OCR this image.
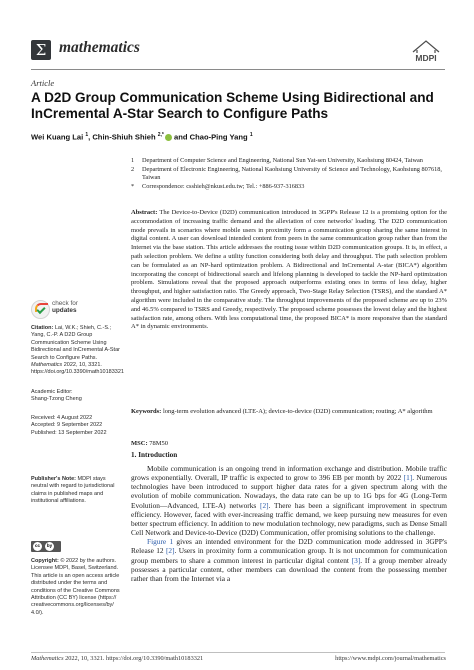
Σ mathematics
MDPI
Article
A D2D Group Communication Scheme Using Bidirectional and InCremental A-Star Search to Configure Paths
Wei Kuang Lai $^1$, Chin-Shiuh Shieh $^{2,*}$ and Chao-Ping Yang $^1$
1 Department of Computer Science and Engineering, National Sun Yat-sen University, Kaohsiung 80424, Taiwan
2 Department of Electronic Engineering, National Kaohsiung University of Science and Technology, Kaohsiung 807618, Taiwan
* Correspondence: csshieh@nkust.edu.tw; Tel.: +886-937-316833
Abstract: The Device-to-Device (D2D) communication introduced in 3GPP's Release 12 is a promising option for the accommodation of increasing traffic demand and the alleviation of core networks' loading. The D2D communication mode prevails in scenarios where mobile users in proximity form a communication group sharing the same interest in digital content. A user can download intended content from peers in the same communication group rather than from the Internet via the base station. This article addresses the routing issue within D2D communication groups. It is, in effect, a path selection problem. We define a utility function considering both delay and throughput. The path selection problem can be formulated as an NP-hard optimization problem. A Bidirectional and InCremental A-star (BICA*) algorithm incorporating the concept of bidirectional search and lifelong planning is developed to tackle the NP-hard optimization problem. Simulations reveal that the proposed approach outperforms existing ones in terms of less delay, higher throughput, and higher satisfaction ratio. The Greedy approach, Two-Stage Relay Selection (TSRS), and the standard A* algorithm were included in the comparative study. The throughput improvements of the proposed scheme are up to 23% and 46.5% compared to TSRS and Greedy, respectively. The proposed scheme possesses the lowest delay and the highest satisfaction rate, among others. With less computational time, the proposed BICA* is more responsive than the standard A* in dynamic environments.
Keywords: long-term evolution advanced (LTE-A); device-to-device (D2D) communication; routing; A* algorithm
MSC: 78M50
1. Introduction

Mobile communication is an ongoing trend in information exchange and distribution. Mobile traffic grows exponentially. Overall, IP traffic is expected to grow to 396 EB per month by 2022 [1]. Numerous technologies have been introduced to support higher data rates for a given spectrum along with the evolution of mobile communication. Nowadays, the data rate can be up to 1G bps for 4G (Long-Term Evolution—Advanced, LTE-A) networks [2]. There has been a significant improvement in spectrum efficiency. However, faced with ever-increasing traffic demand, we keep pursuing new measures for even better spectrum efficiency. In addition to new modulation technology, new paradigms, such as Dense Small Cell Network and Device-to-Device (D2D) Communication, offer promising solutions to the challenge.

Figure 1 gives an intended environment for the D2D communication mode addressed in 3GPP's Release 12 [2]. Users in proximity form a communication group. It is not uncommon for communication group members to share a common interest in particular digital content [3]. If a group member already possesses a particular content, other members can download the content from the possessing member rather than from the Internet via a

check for
updates
Citation: Lai, W.K.; Shieh, C.-S.; Yang, C.-P. A D2D Group Communication Scheme Using Bidirectional and InCremental A-Star Search to Configure Paths. Mathematics 2022, 10, 3321. https://doi.org/10.3390/math10183321
Academic Editor:
Shang-Tzong Cheng
Received: 4 August 2022
Accepted: 9 September 2022
Published: 13 September 2022
Publisher's Note: MDPI stays neutral with regard to jurisdictional claims in published maps and institutional affiliations.
cc	by
Copyright: © 2022 by the authors. Licensee MDPI, Basel, Switzerland. This article is an open access article distributed under the terms and conditions of the Creative Commons Attribution (CC BY) license (https:// creativecommons.org/licenses/by/ 4.0/).
Mathematics 2022, 10, 3321. https://doi.org/10.3390/math10183321	https://www.mdpi.com/journal/mathematics
